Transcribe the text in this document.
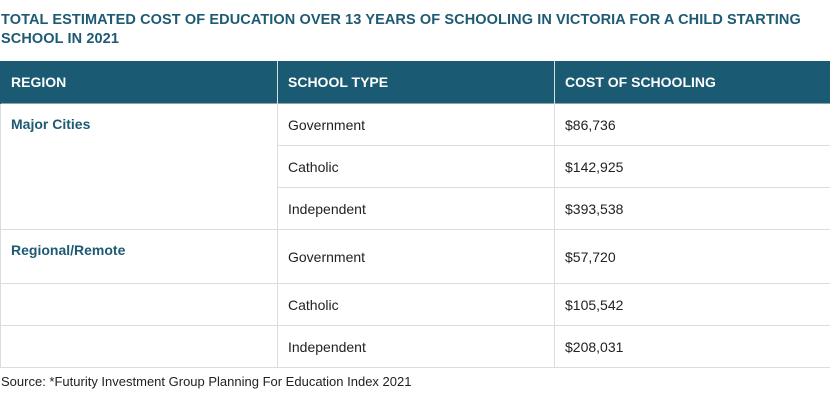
TOTAL ESTIMATED COST OF EDUCATION OVER 13 YEARS OF SCHOOLING IN VICTORIA FOR A CHILD STARTING SCHOOL IN 2021
REGION	SCHOOL TYPE	COST OF SCHOOLING
Major Cities	Government	$86,736
	Catholic	$142,925
	Independent	$393,538
Regional/Remote	Government	$57,720
	Catholic	$105,542
	Independent	$208,031
Source: *Futurity Investment Group Planning For Education Index 2021
